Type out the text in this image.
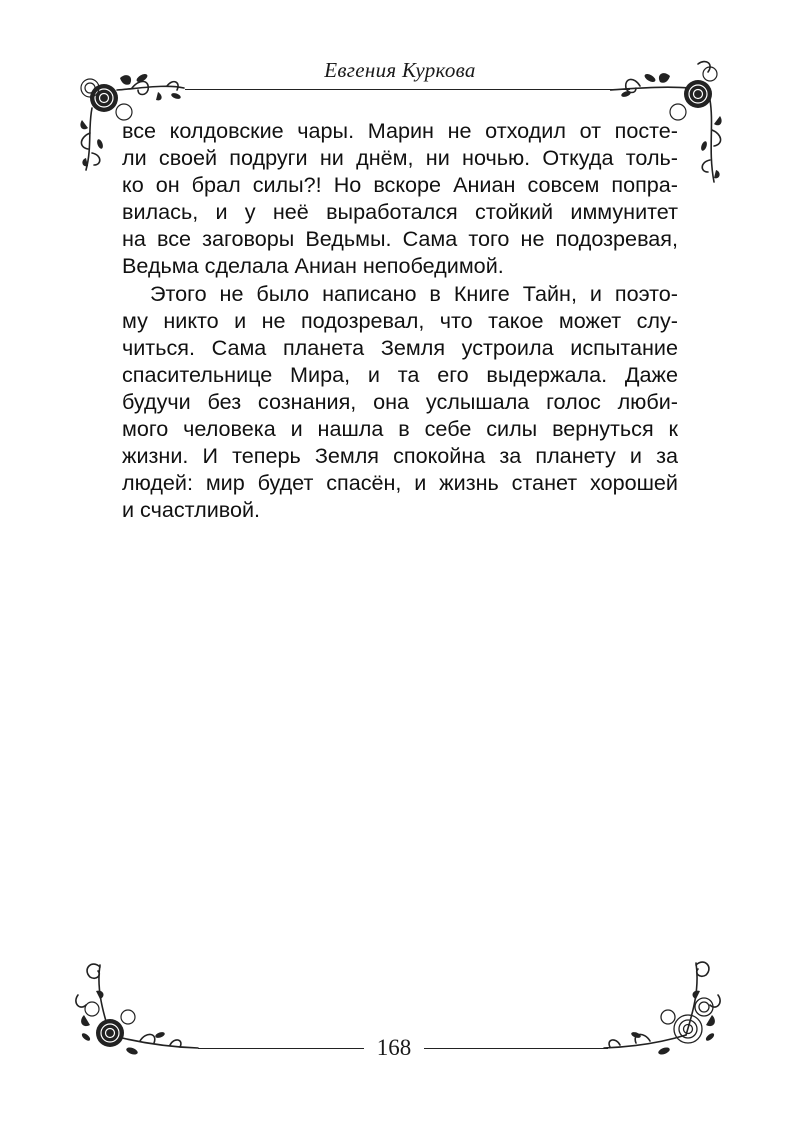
Евгения Куркова
все колдовские чары. Марин не отходил от посте-
ли своей подруги ни днём, ни ночью. Откуда толь-
ко он брал силы?! Но вскоре Аниан совсем попра-
вилась, и у неё выработался стойкий иммунитет
на все заговоры Ведьмы. Сама того не подозревая,
Ведьма сделала Аниан непобедимой.
Этого не было написано в Книге Тайн, и поэто-
му никто и не подозревал, что такое может слу-
читься. Сама планета Земля устроила испытание
спасительнице Мира, и та его выдержала. Даже
будучи без сознания, она услышала голос люби-
мого человека и нашла в себе силы вернуться к
жизни. И теперь Земля спокойна за планету и за
людей: мир будет спасён, и жизнь станет хорошей
и счастливой.
168
